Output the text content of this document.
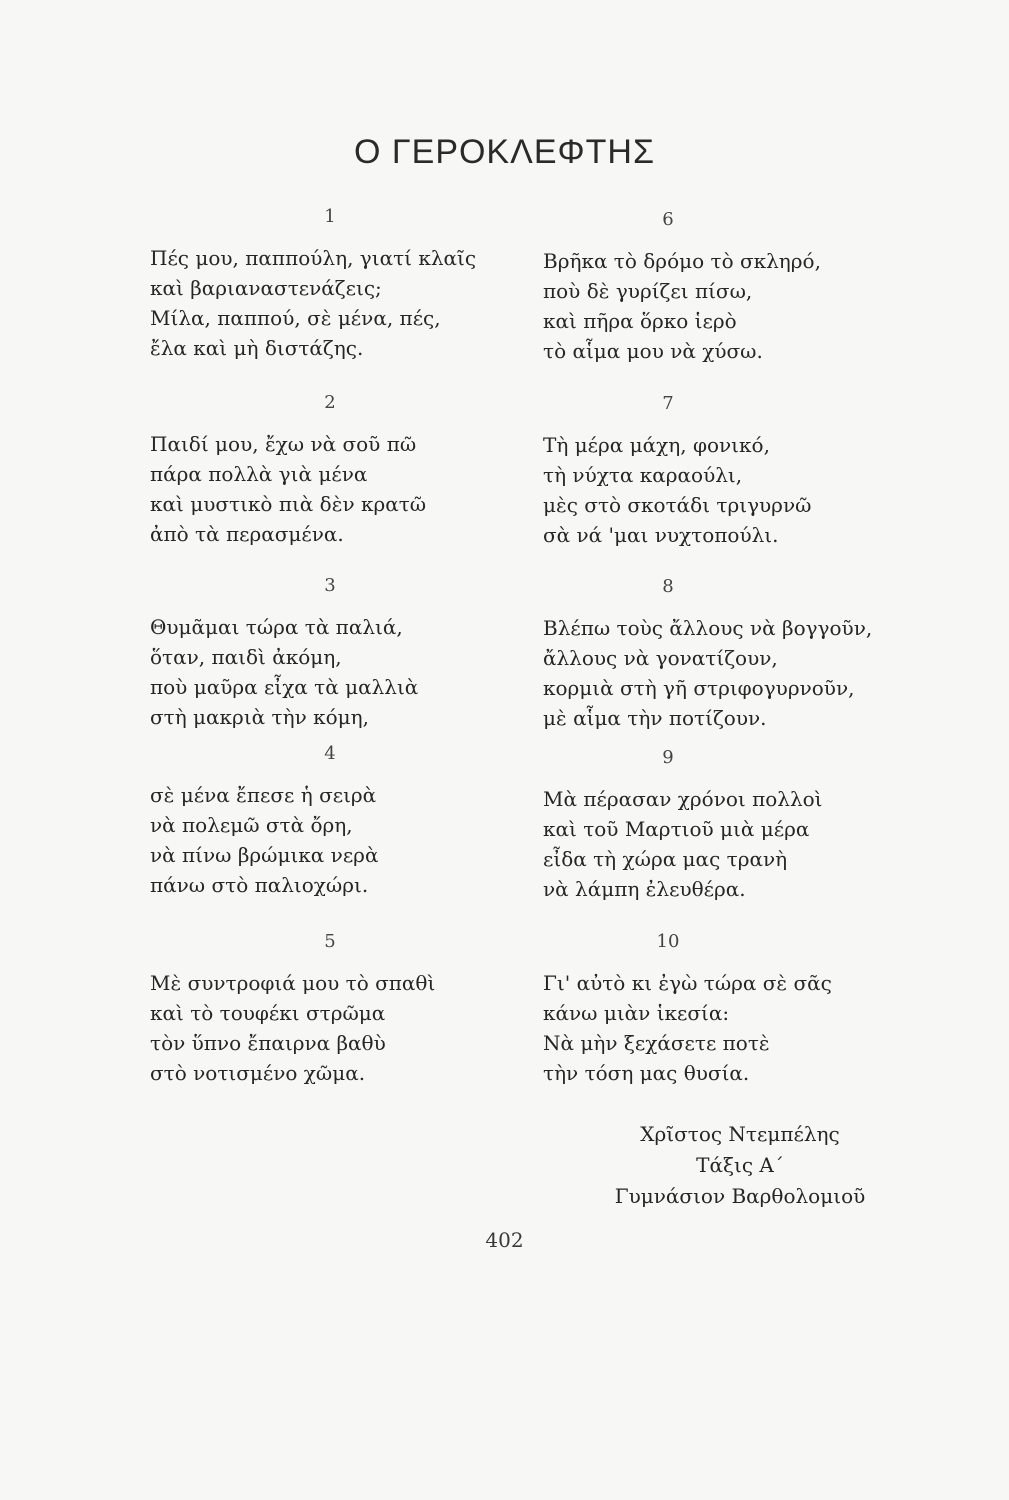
Ο ΓΕΡΟΚΛΕΦΤΗΣ
1
Πές μου, παππούλη, γιατί κλαῖς
καὶ βαριαναστενάζεις;
Μίλα, παππού, σὲ μένα, πές,
ἔλα καὶ μὴ διστάζης.
2
Παιδί μου, ἔχω νὰ σοῦ πῶ
πάρα πολλὰ γιὰ μένα
καὶ μυστικὸ πιὰ δὲν κρατῶ
ἀπὸ τὰ περασμένα.
3
Θυμᾶμαι τώρα τὰ παλιά,
ὅταν, παιδὶ ἀκόμη,
ποὺ μαῦρα εἶχα τὰ μαλλιὰ
στὴ μακριὰ τὴν κόμη,
4
σὲ μένα ἔπεσε ἡ σειρὰ
νὰ πολεμῶ στὰ ὄρη,
νὰ πίνω βρώμικα νερὰ
πάνω στὸ παλιοχώρι.
5
Μὲ συντροφιά μου τὸ σπαθὶ
καὶ τὸ τουφέκι στρῶμα
τὸν ὕπνο ἔπαιρνα βαθὺ
στὸ νοτισμένο χῶμα.
6
Βρῆκα τὸ δρόμο τὸ σκληρό,
ποὺ δὲ γυρίζει πίσω,
καὶ πῆρα ὅρκο ἱερὸ
τὸ αἷμα μου νὰ χύσω.
7
Τὴ μέρα μάχη, φονικό,
τὴ νύχτα καραούλι,
μὲς στὸ σκοτάδι τριγυρνῶ
σὰ νά 'μαι νυχτοπούλι.
8
Βλέπω τοὺς ἄλλους νὰ βογγοῦν,
ἄλλους νὰ γονατίζουν,
κορμιὰ στὴ γῆ στριφογυρνοῦν,
μὲ αἷμα τὴν ποτίζουν.
9
Μὰ πέρασαν χρόνοι πολλοὶ
καὶ τοῦ Μαρτιοῦ μιὰ μέρα
εἶδα τὴ χώρα μας τρανὴ
νὰ λάμπη ἐλευθέρα.
10
Γι' αὐτὸ κι ἐγὼ τώρα σὲ σᾶς
κάνω μιὰν ἱκεσία:
Νὰ μὴν ξεχάσετε ποτὲ
τὴν τόση μας θυσία.
Χρῖστος Ντεμπέλης
Τάξις Α΄
Γυμνάσιον Βαρθολομιοῦ
402
